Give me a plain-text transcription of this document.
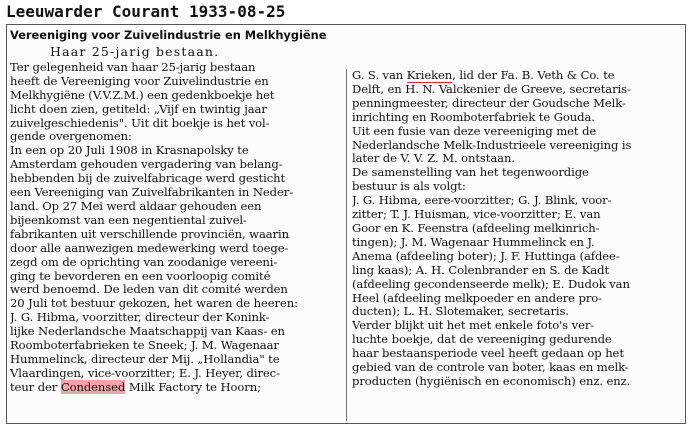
Leeuwarder Courant 1933-08-25
Vereeniging voor Zuivelindustrie en Melkhygiëne
Haar 25-jarig bestaan.
Ter gelegenheid van haar 25-jarig bestaan
heeft de Vereeniging voor Zuivelindustrie en
Melkhygiëne (V.V.Z.M.) een gedenkboekje het
licht doen zien, getiteld: „Vijf en twintig jaar
zuivelgeschiedenis". Uit dit boekje is het vol-
gende overgenomen:
In een op 20 Juli 1908 in Krasnapolsky te
Amsterdam gehouden vergadering van belang-
hebbenden bij de zuivelfabricage werd gesticht
een Vereeniging van Zuivelfabrikanten in Neder-
land. Op 27 Mei werd aldaar gehouden een
bijeenkomst van een negentiental zuivel-
fabrikanten uit verschillende provinciën, waarin
door alle aanwezigen medewerking werd toege-
zegd om de oprichting van zoodanige vereeni-
ging te bevorderen en een voorloopig comité
werd benoemd. De leden van dit comité werden
20 Juli tot bestuur gekozen, het waren de heeren:
J. G. Hibma, voorzitter, directeur der Konink-
lijke Nederlandsche Maatschappij van Kaas- en
Roomboterfabrieken te Sneek; J. M. Wagenaar
Hummelinck, directeur der Mij. „Hollandia" te
Vlaardingen, vice-voorzitter; E. J. Heyer, direc-
teur der Condensed Milk Factory te Hoorn;
G. S. van Krieken, lid der Fa. B. Veth & Co. te
Delft, en H. N. Valckenier de Greeve, secretaris-
penningmeester, directeur der Goudsche Melk-
inrichting en Roomboterfabriek te Gouda.
Uit een fusie van deze vereeniging met de
Nederlandsche Melk-Industrieele vereeniging is
later de V. V. Z. M. ontstaan.
De samenstelling van het tegenwoordige
bestuur is als volgt:
J. G. Hibma, eere-voorzitter; G. J. Blink, voor-
zitter; T. J. Huisman, vice-voorzitter; E. van
Goor en K. Feenstra (afdeeling melkinrich-
tingen); J. M. Wagenaar Hummelinck en J.
Anema (afdeeling boter); J. F. Huttinga (afdee-
ling kaas); A. H. Colenbrander en S. de Kadt
(afdeeling gecondenseerde melk); E. Dudok van
Heel (afdeeling melkpoeder en andere pro-
ducten); L. H. Slotemaker, secretaris.
Verder blijkt uit het met enkele foto's ver-
luchte boekje, dat de vereeniging gedurende
haar bestaansperiode veel heeft gedaan op het
gebied van de controle van boter, kaas en melk-
producten (hygiënisch en economisch) enz. enz.
